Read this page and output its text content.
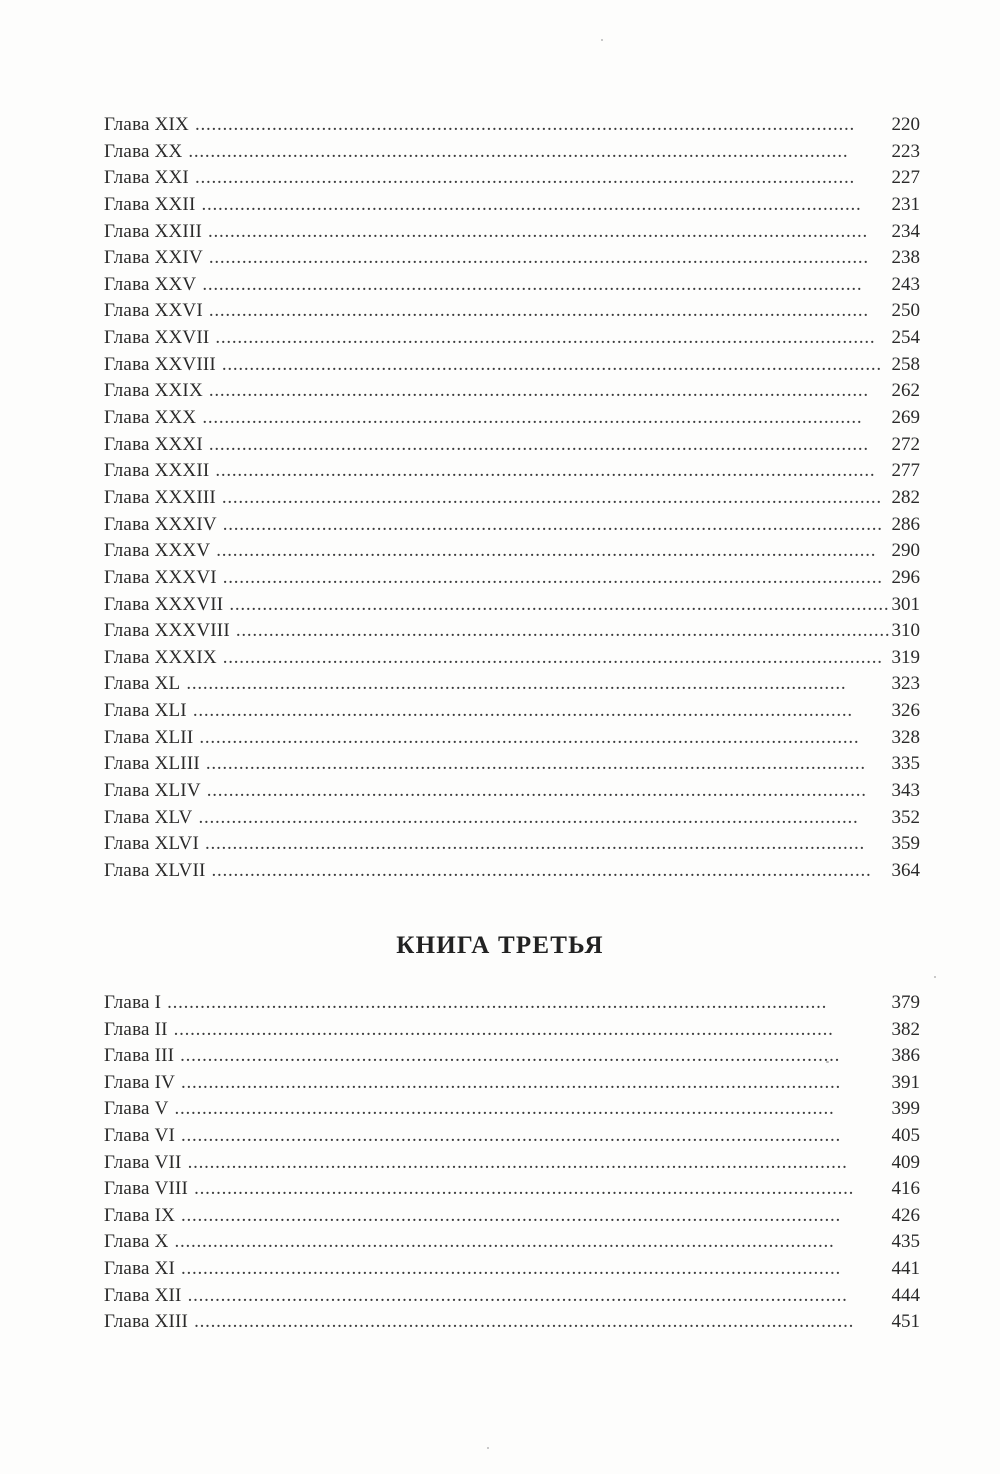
Глава XIX . . .	220
Глава XX . . .	223
Глава XXI . . .	227
Глава XXII . . .	231
Глава XXIII . . .	234
Глава XXIV . . .	238
Глава XXV . . .	243
Глава XXVI . . .	250
Глава XXVII . . .	254
Глава XXVIII . . .	258
Глава XXIX . . .	262
Глава XXX . . .	269
Глава XXXI . . .	272
Глава XXXII . . .	277
Глава XXXIII . . .	282
Глава XXXIV . . .	286
Глава XXXV . . .	290
Глава XXXVI . . .	296
Глава XXXVII . . .	301
Глава XXXVIII . . .	310
Глава XXXIX . . .	319
Глава XL . . .	323
Глава XLI . . .	326
Глава XLII . . .	328
Глава XLIII . . .	335
Глава XLIV . . .	343
Глава XLV . . .	352
Глава XLVI . . .	359
Глава XLVII . . .	364
КНИГА ТРЕТЬЯ
Глава I . . .	379
Глава II . . .	382
Глава III . . .	386
Глава IV . . .	391
Глава V . . .	399
Глава VI . . .	405
Глава VII . . .	409
Глава VIII . . .	416
Глава IX . . .	426
Глава X . . .	435
Глава XI . . .	441
Глава XII . . .	444
Глава XIII . . .	451
